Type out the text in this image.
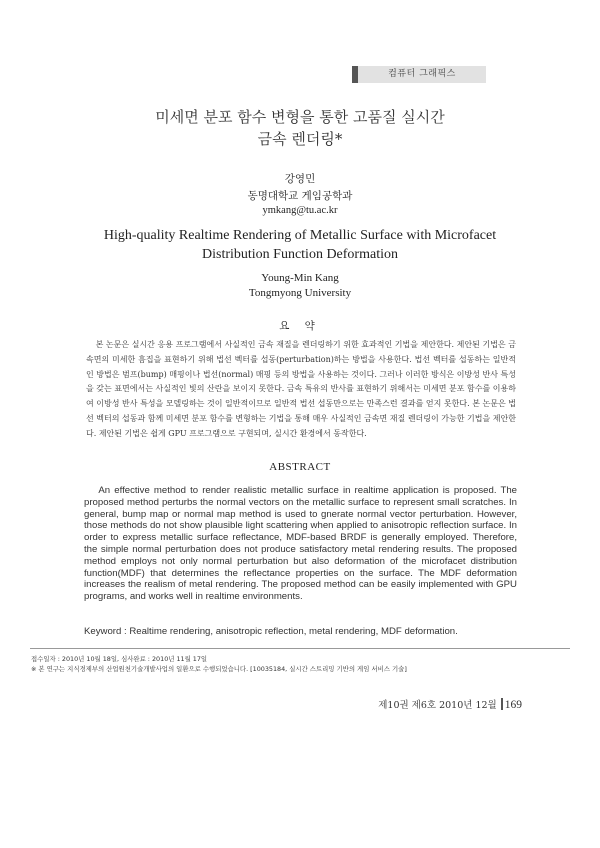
컴퓨터 그래픽스
미세면 분포 함수 변형을 통한 고품질 실시간
금속 렌더링*
강영민
동명대학교 게임공학과
ymkang@tu.ac.kr
High-quality Realtime Rendering of Metallic Surface with Microfacet
Distribution Function Deformation
Young-Min Kang
Tongmyong University
요 약

본 논문은 실시간 응용 프로그램에서 사실적인 금속 재질을 렌더링하기 위한 효과적인 기법을 제안한다. 제안된 기법은 금속면의 미세한 흠집을 표현하기 위해 법선 벡터를 섭동(perturbation)하는 방법을 사용한다. 법선 벡터를 섭동하는 일반적인 방법은 범프(bump) 매핑이나 법선(normal) 매핑 등의 방법을 사용하는 것이다. 그러나 이러한 방식은 이방성 반사 특성을 갖는 표면에서는 사실적인 빛의 산란을 보이지 못한다. 금속 특유의 반사를 표현하기 위해서는 미세면 분포 함수를 이용하여 이방성 반사 특성을 모델링하는 것이 일반적이므로 일반적 법선 섭동만으로는 만족스런 결과를 얻지 못한다. 본 논문은 법선 벡터의 섭동과 함께 미세면 분포 함수를 변형하는 기법을 통해 매우 사실적인 금속면 재질 렌더링이 가능한 기법을 제안한다. 제안된 기법은 쉽게 GPU 프로그램으로 구현되며, 실시간 환경에서 동작한다.

ABSTRACT

An effective method to render realistic metallic surface in realtime application is proposed. The proposed method perturbs the normal vectors on the metallic surface to represent small scratches. In general, bump map or normal map method is used to gnerate normal vector perturbation. However, those methods do not show plausible light scattering when applied to anisotropic reflection surface. In order to express metallic surface reflectance, MDF-based BRDF is generally employed. Therefore, the simple normal perturbation does not produce satisfactory metal rendering results. The proposed method employs not only normal perturbation but also deformation of the microfacet distribution function(MDF) that determines the reflectance properties on the surface. The MDF deformation increases the realism of metal rendering. The proposed method can be easily implemented with GPU programs, and works well in realtime environments.

Keyword : Realtime rendering, anisotropic reflection, metal rendering, MDF deformation.
접수일자 : 2010년 10월 18일, 심사완료 : 2010년 11월 17일
※ 본 연구는 지식경제부의 산업원천기술개발사업의 일환으로 수행되었습니다. [10035184, 실시간 스트리밍 기반의 게임 서비스 기술]
제10권 제6호 2010년 12월 169
